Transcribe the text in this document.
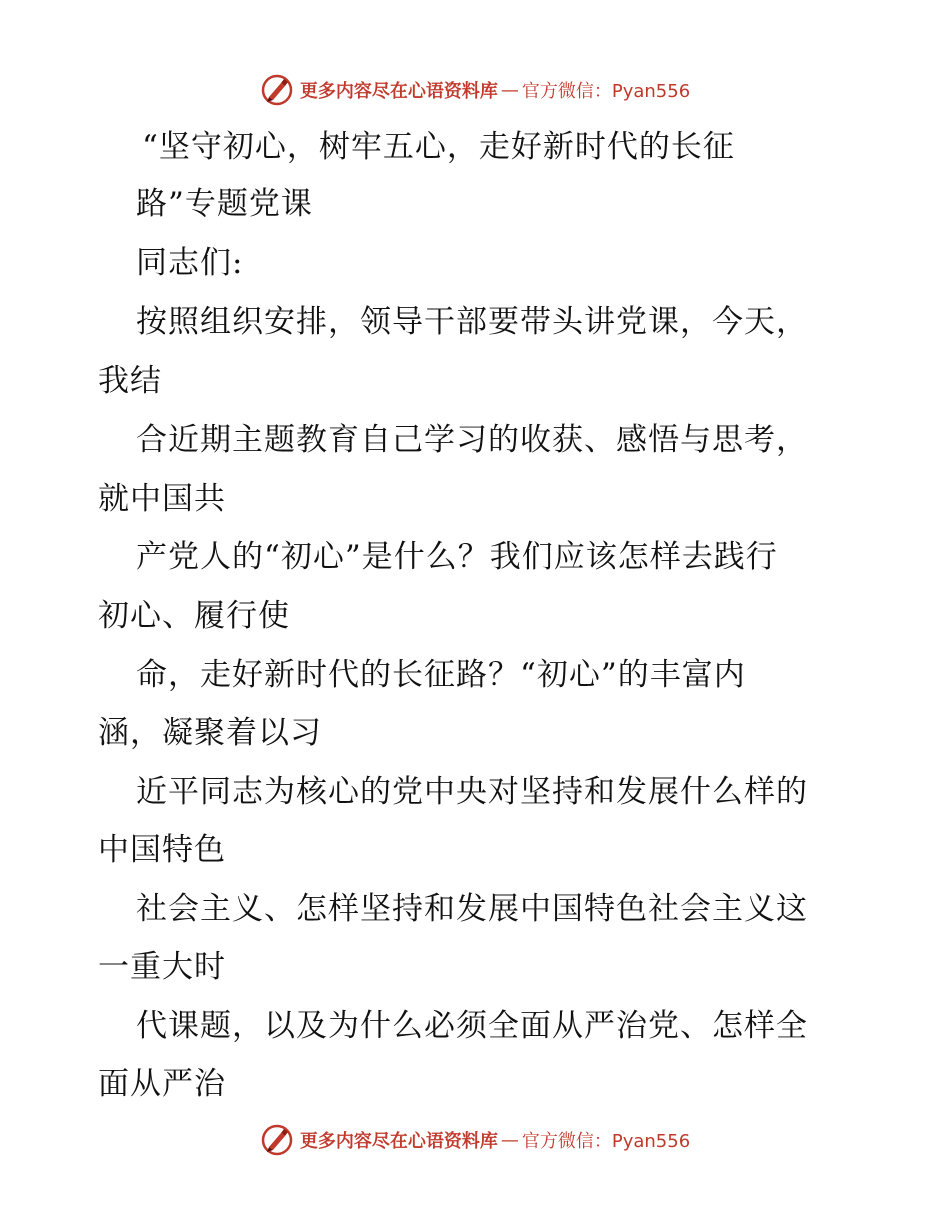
更多内容尽在心语资料库 — 官方微信：Pyan556
“坚守初心，树牢五心，走好新时代的长征
路”专题党课
同志们:
按照组织安排，领导干部要带头讲党课，今天，
我结
合近期主题教育自己学习的收获、感悟与思考，
就中国共
产党人的“初心”是什么？我们应该怎样去践行
初心、履行使
命，走好新时代的长征路？“初心”的丰富内
涵，凝聚着以习
近平同志为核心的党中央对坚持和发展什么样的
中国特色
社会主义、怎样坚持和发展中国特色社会主义这
一重大时
代课题，以及为什么必须全面从严治党、怎样全
面从严治
更多内容尽在心语资料库 — 官方微信：Pyan556
